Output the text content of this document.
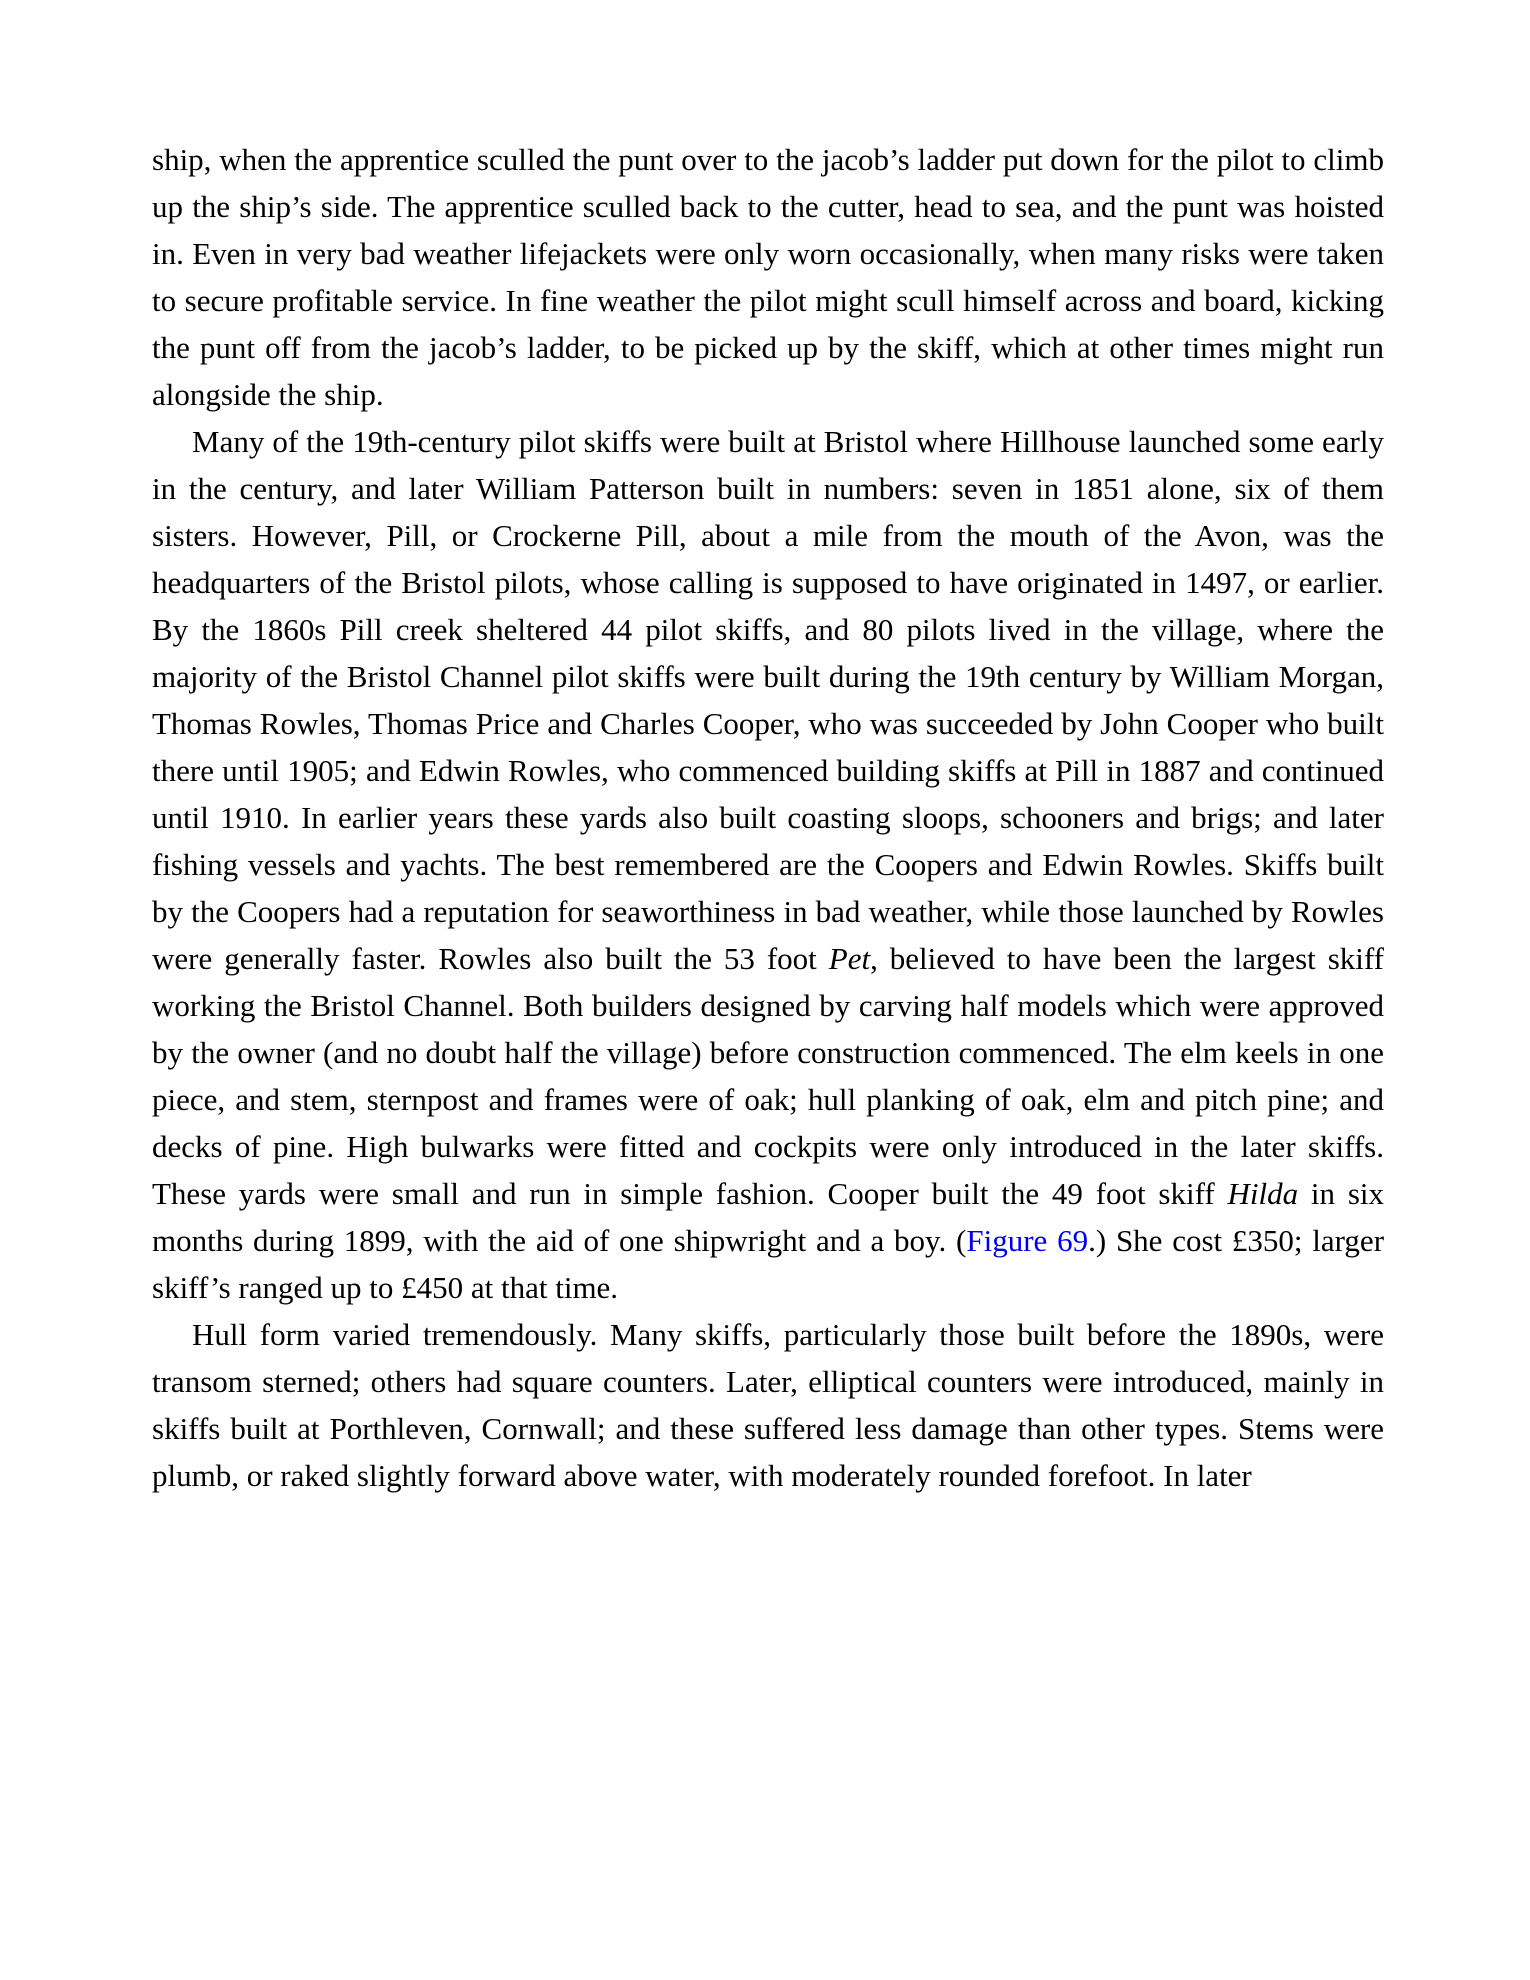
ship, when the apprentice sculled the punt over to the jacob’s ladder put down for the pilot to climb up the ship’s side. The apprentice sculled back to the cutter, head to sea, and the punt was hoisted in. Even in very bad weather lifejackets were only worn occasionally, when many risks were taken to secure profitable service. In fine weather the pilot might scull himself across and board, kicking the punt off from the jacob’s ladder, to be picked up by the skiff, which at other times might run alongside the ship.

Many of the 19th-century pilot skiffs were built at Bristol where Hillhouse launched some early in the century, and later William Patterson built in numbers: seven in 1851 alone, six of them sisters. However, Pill, or Crockerne Pill, about a mile from the mouth of the Avon, was the headquarters of the Bristol pilots, whose calling is supposed to have originated in 1497, or earlier. By the 1860s Pill creek sheltered 44 pilot skiffs, and 80 pilots lived in the village, where the majority of the Bristol Channel pilot skiffs were built during the 19th century by William Morgan, Thomas Rowles, Thomas Price and Charles Cooper, who was succeeded by John Cooper who built there until 1905; and Edwin Rowles, who commenced building skiffs at Pill in 1887 and continued until 1910. In earlier years these yards also built coasting sloops, schooners and brigs; and later fishing vessels and yachts. The best remembered are the Coopers and Edwin Rowles. Skiffs built by the Coopers had a reputation for seaworthiness in bad weather, while those launched by Rowles were generally faster. Rowles also built the 53 foot Pet, believed to have been the largest skiff working the Bristol Channel. Both builders designed by carving half models which were approved by the owner (and no doubt half the village) before construction commenced. The elm keels in one piece, and stem, sternpost and frames were of oak; hull planking of oak, elm and pitch pine; and decks of pine. High bulwarks were fitted and cockpits were only introduced in the later skiffs. These yards were small and run in simple fashion. Cooper built the 49 foot skiff Hilda in six months during 1899, with the aid of one shipwright and a boy. (Figure 69.) She cost £350; larger skiff’s ranged up to £450 at that time.

Hull form varied tremendously. Many skiffs, particularly those built before the 1890s, were transom sterned; others had square counters. Later, elliptical counters were introduced, mainly in skiffs built at Porthleven, Cornwall; and these suffered less damage than other types. Stems were plumb, or raked slightly forward above water, with moderately rounded forefoot. In later
